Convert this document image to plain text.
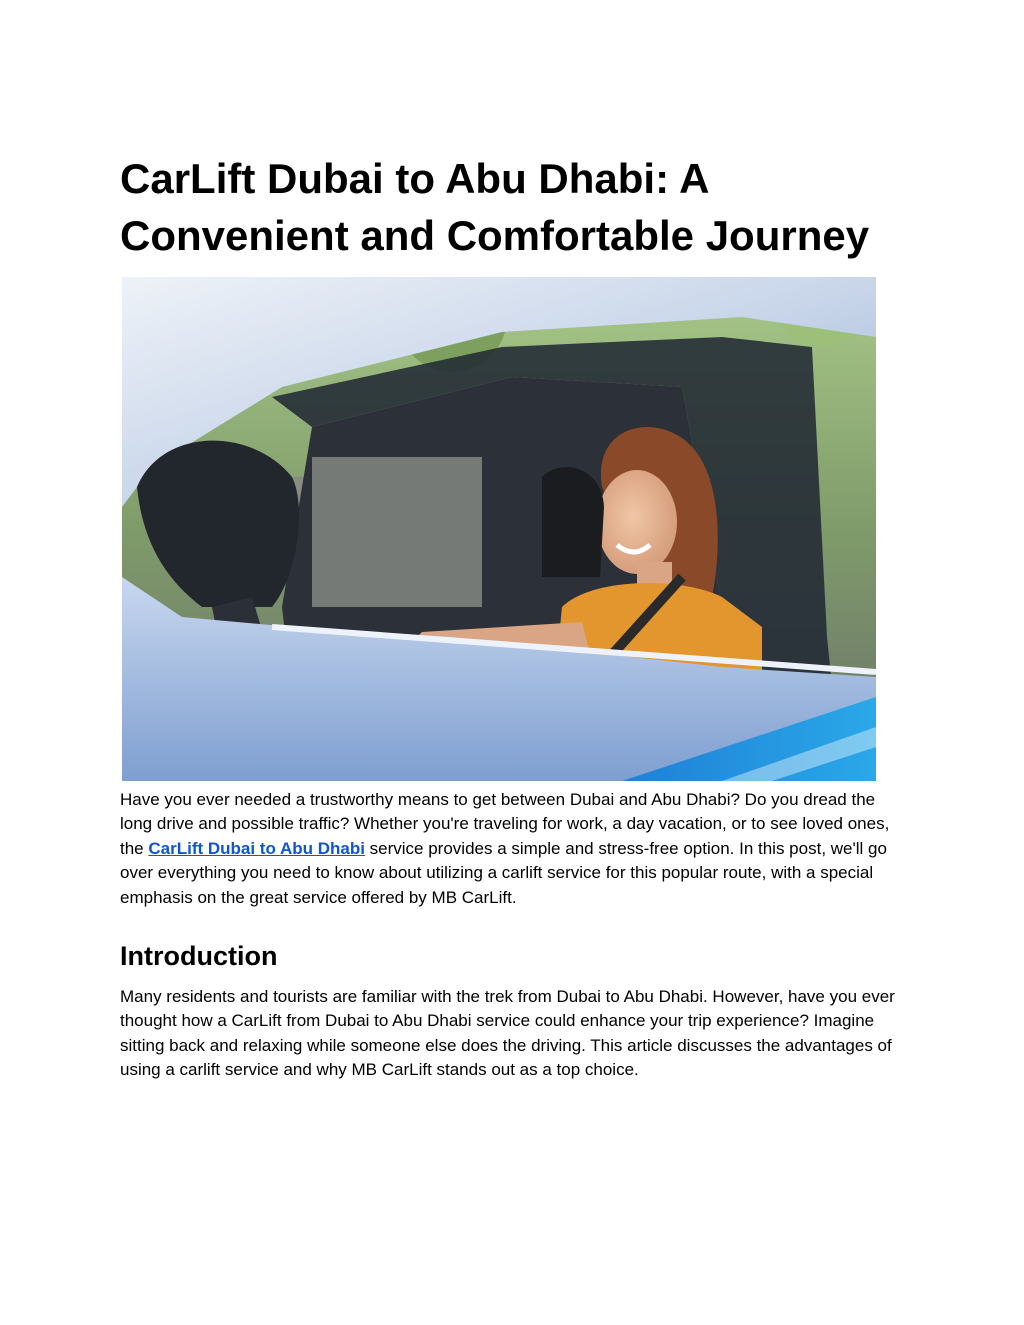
CarLift Dubai to Abu Dhabi: A Convenient and Comfortable Journey

Have you ever needed a trustworthy means to get between Dubai and Abu Dhabi? Do you dread the long drive and possible traffic? Whether you're traveling for work, a day vacation, or to see loved ones, the CarLift Dubai to Abu Dhabi service provides a simple and stress-free option. In this post, we'll go over everything you need to know about utilizing a carlift service for this popular route, with a special emphasis on the great service offered by MB CarLift.

Introduction

Many residents and tourists are familiar with the trek from Dubai to Abu Dhabi. However, have you ever thought how a CarLift from Dubai to Abu Dhabi service could enhance your trip experience? Imagine sitting back and relaxing while someone else does the driving. This article discusses the advantages of using a carlift service and why MB CarLift stands out as a top choice.
